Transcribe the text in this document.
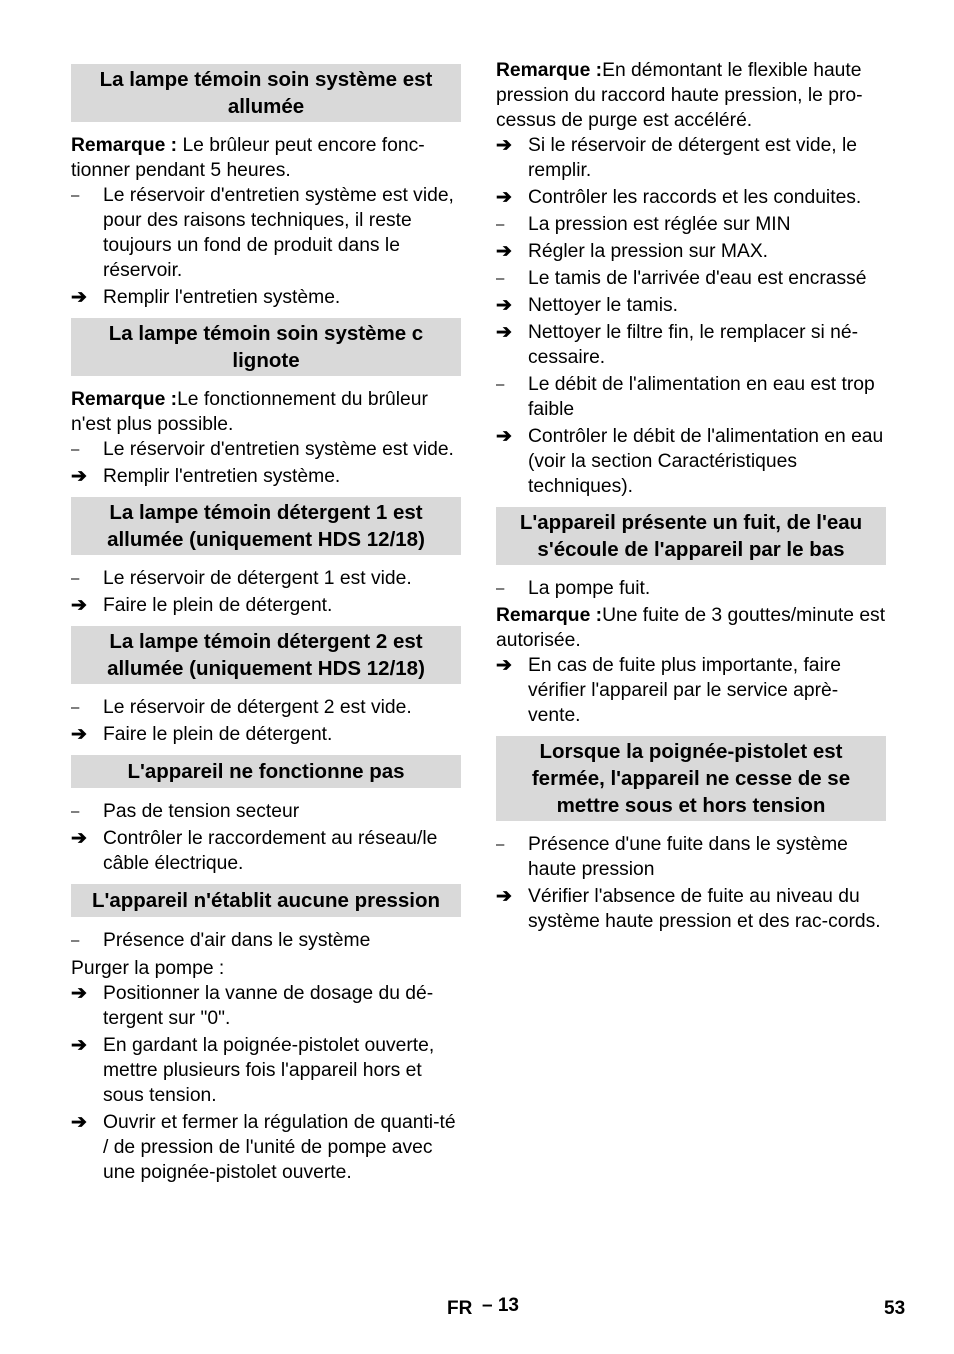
La lampe témoin soin système est allumée
Remarque : Le brûleur peut encore fonc-tionner pendant 5 heures.
–	Le réservoir d'entretien système est vide, pour des raisons techniques, il reste toujours un fond de produit dans le réservoir.
➔ Remplir l'entretien système.
La lampe témoin soin système c lignote
Remarque :Le fonctionnement du brûleur n'est plus possible.
–	Le réservoir d'entretien système est vide.
➔ Remplir l'entretien système.
La lampe témoin détergent 1 est allumée (uniquement HDS 12/18)
–	Le réservoir de détergent 1 est vide.
➔ Faire le plein de détergent.
La lampe témoin détergent 2 est allumée (uniquement HDS 12/18)
–	Le réservoir de détergent 2 est vide.
➔ Faire le plein de détergent.
L'appareil ne fonctionne pas
–	Pas de tension secteur
➔ Contrôler le raccordement au réseau/le câble électrique.
L'appareil n'établit aucune pression
–	Présence d'air dans le système
Purger la pompe :
➔ Positionner la vanne de dosage du dé-tergent sur "0".
➔ En gardant la poignée-pistolet ouverte, mettre plusieurs fois l'appareil hors et sous tension.
➔ Ouvrir et fermer la régulation de quanti-té / de pression de l'unité de pompe avec une poignée-pistolet ouverte.
Remarque :En démontant le flexible haute pression du raccord haute pression, le pro-cessus de purge est accéléré.
➔ Si le réservoir de détergent est vide, le remplir.
➔ Contrôler les raccords et les conduites.
–	La pression est réglée sur MIN
➔ Régler la pression sur MAX.
–	Le tamis de l'arrivée d'eau est encrassé
➔ Nettoyer le tamis.
➔ Nettoyer le filtre fin, le remplacer si né-cessaire.
–	Le débit de l'alimentation en eau est trop faible
➔ Contrôler le débit de l'alimentation en eau (voir la section Caractéristiques techniques).
L'appareil présente un fuit, de l'eau s'écoule de l'appareil par le bas
–	La pompe fuit.
Remarque :Une fuite de 3 gouttes/minute est autorisée.
➔ En cas de fuite plus importante, faire vérifier l'appareil par le service aprè-vente.
Lorsque la poignée-pistolet est fermée, l'appareil ne cesse de se mettre sous et hors tension
–	Présence d'une fuite dans le système haute pression
➔ Vérifier l'absence de fuite au niveau du système haute pression et des rac-cords.
FR – 13	53
